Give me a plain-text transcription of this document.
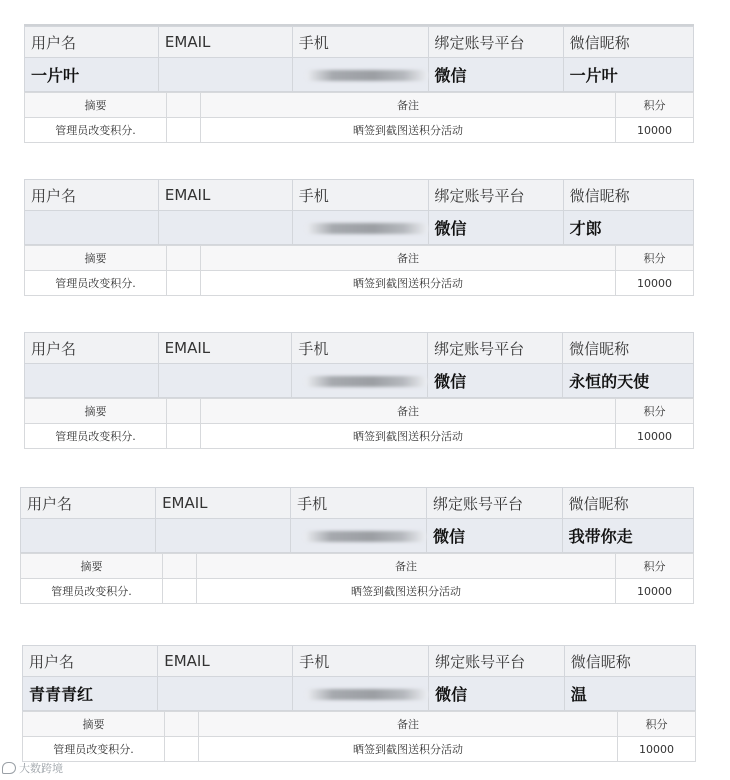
用户名	EMAIL	手机	绑定账号平台	微信昵称
一片叶			微信	一片叶
摘要		备注	积分
管理员改变积分.		晒签到截图送积分活动	10000
用户名	EMAIL	手机	绑定账号平台	微信昵称
			微信	才郎
摘要		备注	积分
管理员改变积分.		晒签到截图送积分活动	10000
用户名	EMAIL	手机	绑定账号平台	微信昵称
			微信	永恒的天使
摘要		备注	积分
管理员改变积分.		晒签到截图送积分活动	10000
用户名	EMAIL	手机	绑定账号平台	微信昵称
			微信	我带你走
摘要		备注	积分
管理员改变积分.		晒签到截图送积分活动	10000
用户名	EMAIL	手机	绑定账号平台	微信昵称
青青青红			微信	温
摘要		备注	积分
管理员改变积分.		晒签到截图送积分活动	10000
大数跨境
